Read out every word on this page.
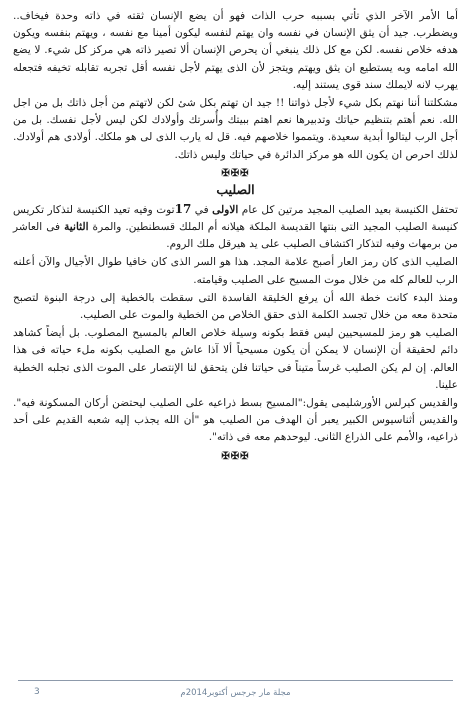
أما الأمر الآخر الذي تأتي بسببه حرب الذات فهو أن يضع الإنسان ثقته في ذاته وحدة فيخاف.. ويضطرب. جيد أن يثق الإنسان في نفسه وان يهتم لنفسه ليكون أمينا مع نفسه ، ويهتم بنفسه ويكون هدفه خلاص نفسه. لكن مع كل ذلك ينبغي أن يحرص الإنسان ألا تصير ذاته هي مركز كل شيء. لا يضع الله امامه وبه يستطيع ان يثق ويهتم ويتجز لأن الذى يهتم لأجل نفسه أقل تجربه تقابله تخيفه فتجعله يهرب لانه لايملك سند قوى يستند إليه.

مشكلتنا أننا نهتم بكل شيء لأجل ذواتنا !! جيد ان تهتم بكل شئ لكن لاتهتم من أجل ذاتك بل من اجل الله. نعم أهتم بتنظيم حياتك وتدبيرها نعم اهتم ببيتك وأُسرتك وأولادك لكن ليس لأجل نفسك. بل من أجل الرب ليتالوا أبدية سعيدة. ويتمموا خلاصهم فيه. قل له يارب الذى لى هو ملكك. أولادى هم أولادك. لذلك احرص ان يكون الله هو مركز الدائرة في حياتك وليس ذاتك.

✠✠✠
الصليب

تحتفل الكنيسة بعيد الصليب المجيد مرتين كل عام الاولى في 17توت وفيه تعيد الكنيسة لتذكار تكريس كنيسة الصليب المجيد التى بنتها القديسة الملكة هيلانه أم الملك قسطنطين. والمرة الثانية فى العاشر من برمهات وفيه لتذكار اكتشاف الصليب على يد هيرقل ملك الروم.

الصليب الذى كان رمز العار أصبح علامة المجد. هذا هو السر الذى كان خافيا طوال الأجيال والآن أعلنه الرب للعالم كله من خلال موت المسيح على الصليب وقيامته.

ومنذ البدء كانت خطة الله أن يرفع الخليقة الفاسدة التى سقطت بالخطية إلى درجة البنوة لتصبح متحدة معه من خلال تجسد الكلمة الذى حقق الخلاص من الخطية والموت على الصليب.

الصليب هو رمز للمسيحيين ليس فقط بكونه وسيلة خلاص العالم بالمسيح المصلوب. بل أيضاً كشاهد دائم لحقيقة أن الإنسان لا يمكن أن يكون مسيحياً ألا آذا عاش مع الصليب بكونه ملء حياته فى هذا العالم. إن لم يكن الصليب غرساً متيناً فى حياتنا فلن يتحقق لنا الإنتصار على الموت الذى تجلبه الخطية علينا.

والقديس كيرلس الأورشليمى يقول:"المسيح بسط ذراعيه على الصليب ليحتضن أركان المسكونة فيه". والقديس أثناسيوس الكبير يعبر أن الهدف من الصليب هو "أن الله يجذب إليه شعبه القديم على أحد ذراعيه، والأمم على الذراع الثانى. ليوحدهم معه فى ذاته".

✠✠✠
مجلة مار جرجس أكتوبر2014م
3
